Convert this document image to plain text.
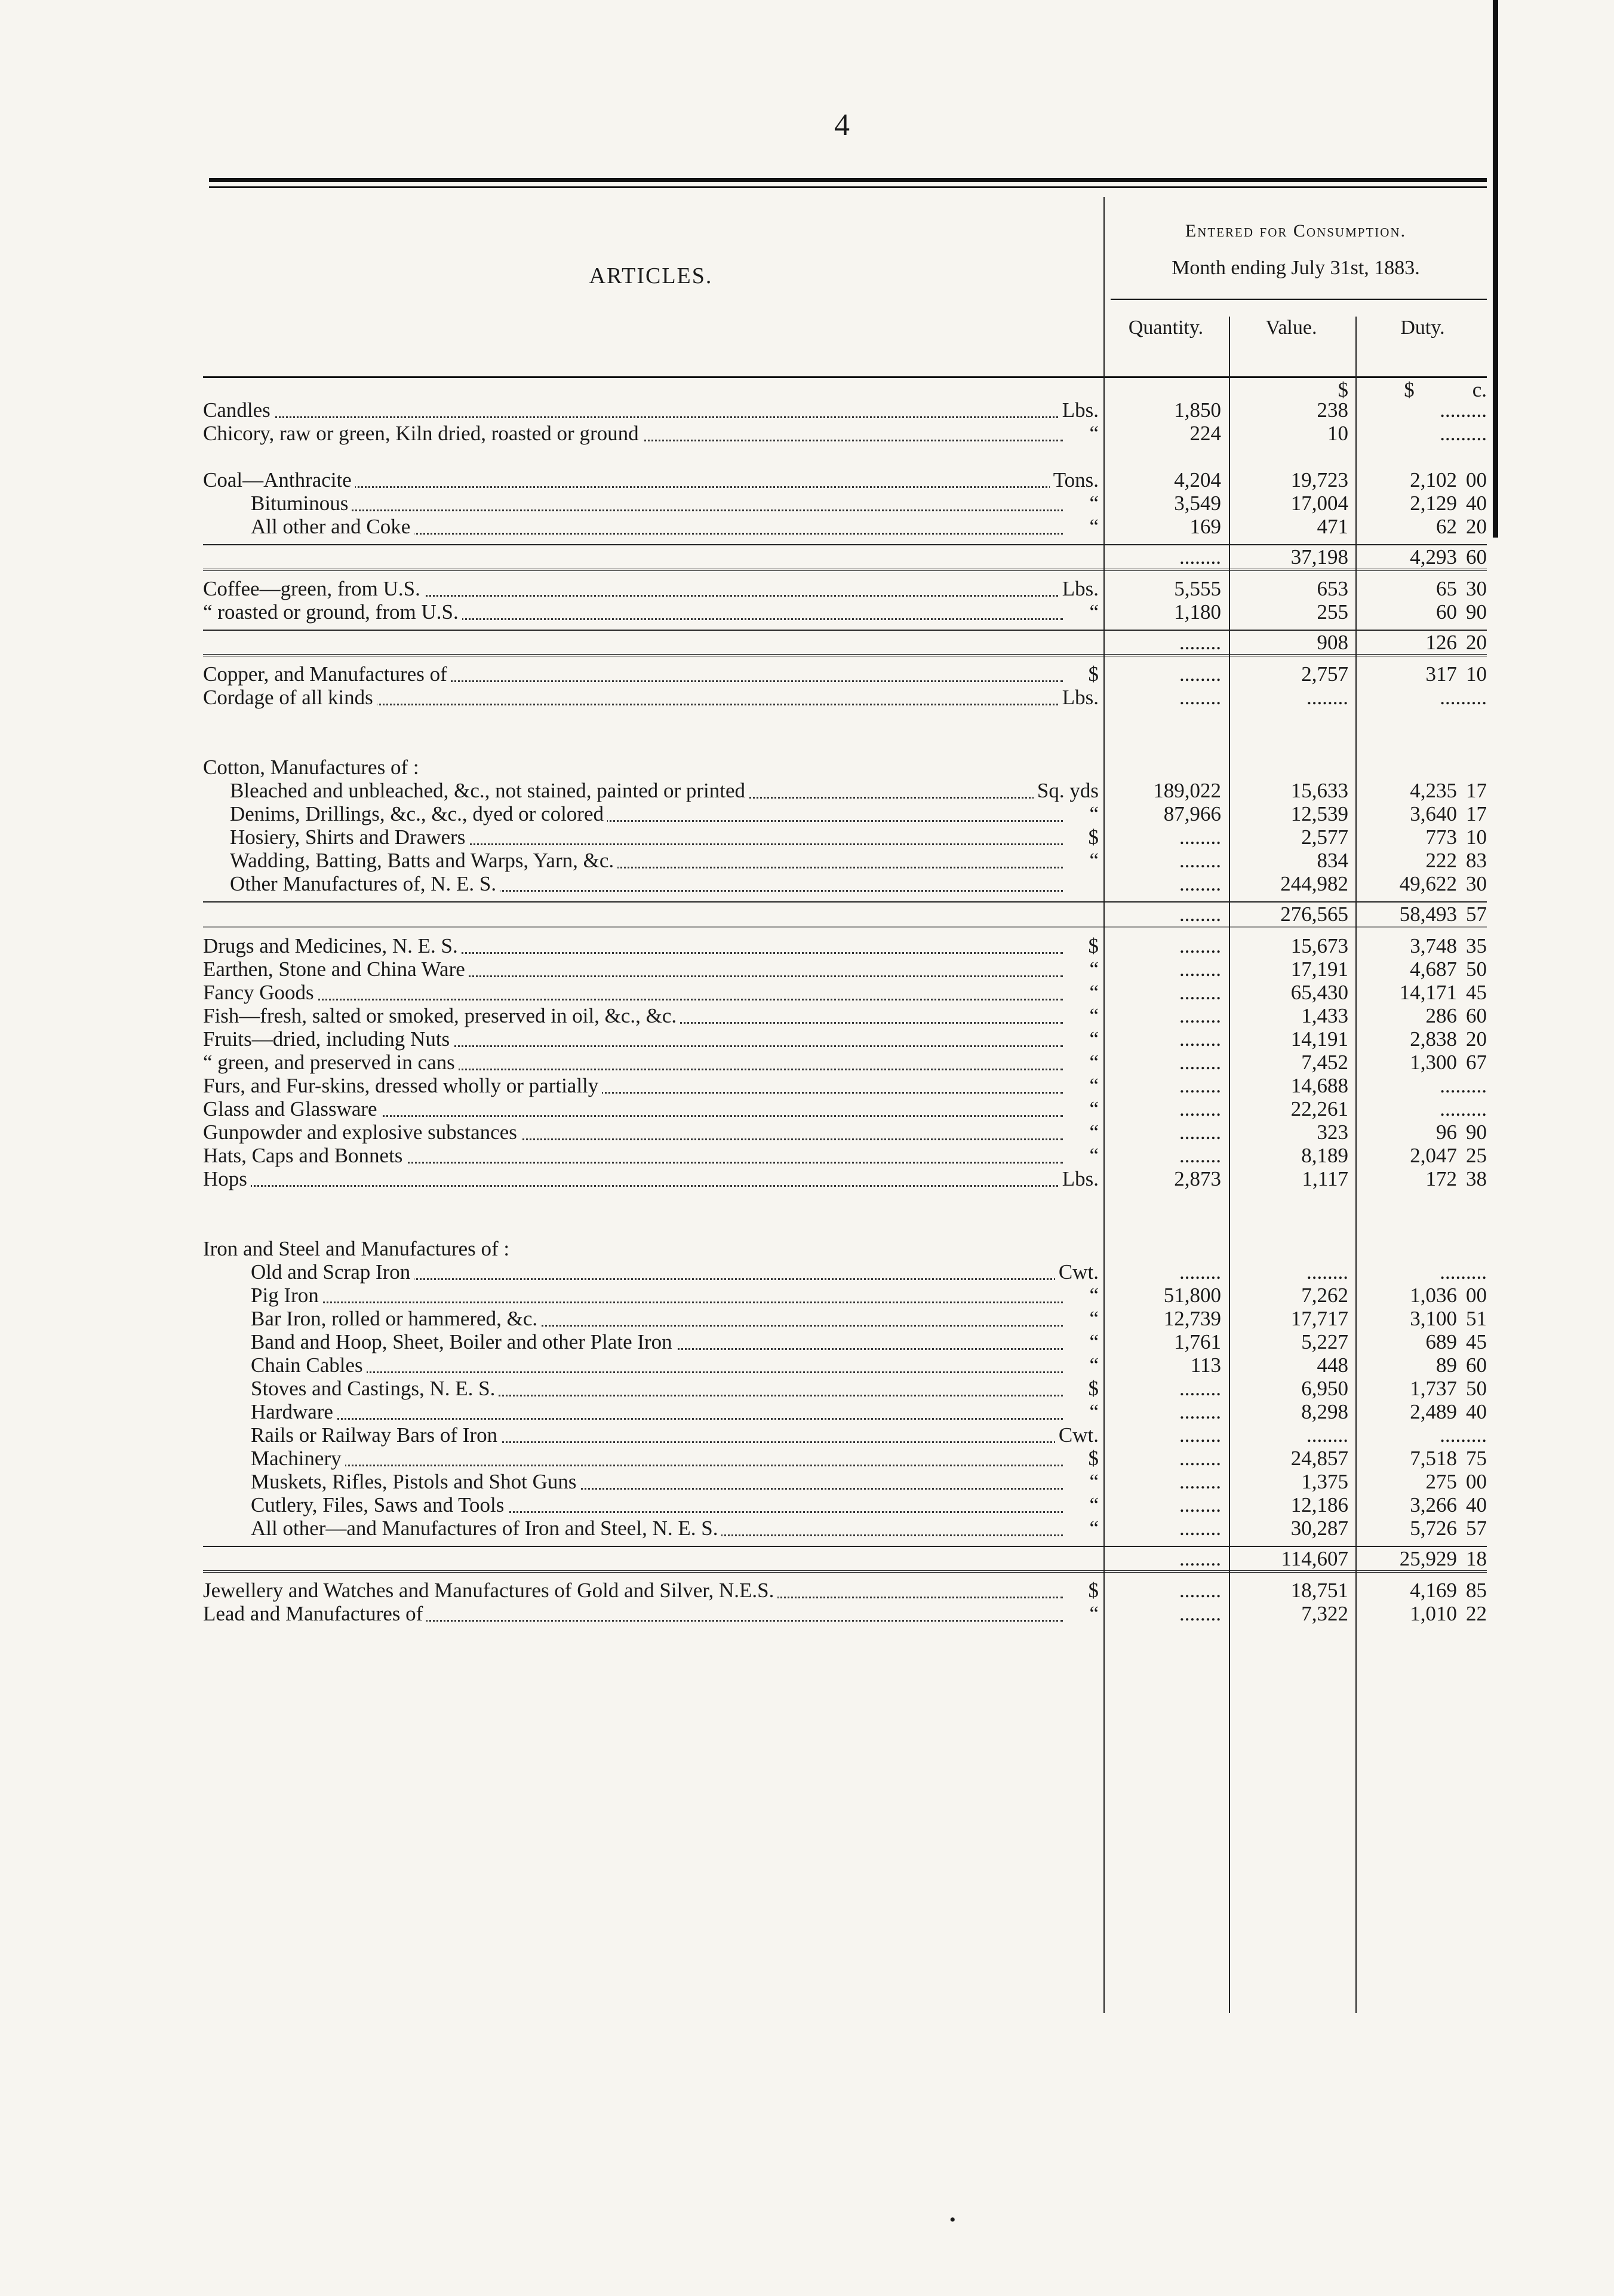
4
ARTICLES.
Entered for Consumption.
Month ending July 31st, 1883.
Quantity.	Value.	Duty.
$	$	c.
Candles	Lbs.	1,850	238	.........
Chicory, raw or green, Kiln dried, roasted or ground	“	224	10	.........
Coal—Anthracite	Tons.	4,204	19,723	2,102 00
Bituminous	“	3,549	17,004	2,129 40
All other and Coke	“	169	471	62 20
........	37,198	4,293 60
Coffee—green, from U.S.	Lbs.	5,555	653	65 30
“ roasted or ground, from U.S.	“	1,180	255	60 90
........	908	126 20
Copper, and Manufactures of	$	........	2,757	317 10
Cordage of all kinds	Lbs.	........	........	.........
Cotton, Manufactures of :
Bleached and unbleached, &c., not stained, painted or printed	Sq. yds	189,022	15,633	4,235 17
Denims, Drillings, &c., &c., dyed or colored	“	87,966	12,539	3,640 17
Hosiery, Shirts and Drawers	$	........	2,577	773 10
Wadding, Batting, Batts and Warps, Yarn, &c.	“	........	834	222 83
Other Manufactures of, N. E. S.	........	244,982	49,622 30
........	276,565	58,493 57
Drugs and Medicines, N. E. S.	$	........	15,673	3,748 35
Earthen, Stone and China Ware	“	........	17,191	4,687 50
Fancy Goods	“	........	65,430	14,171 45
Fish—fresh, salted or smoked, preserved in oil, &c., &c.	“	........	1,433	286 60
Fruits—dried, including Nuts	“	........	14,191	2,838 20
“ green, and preserved in cans	“	........	7,452	1,300 67
Furs, and Fur-skins, dressed wholly or partially	“	........	14,688	.........
Glass and Glassware	“	........	22,261	.........
Gunpowder and explosive substances	“	........	323	96 90
Hats, Caps and Bonnets	“	........	8,189	2,047 25
Hops	Lbs.	2,873	1,117	172 38
Iron and Steel and Manufactures of :
Old and Scrap Iron	Cwt.	........	........	.........
Pig Iron	“	51,800	7,262	1,036 00
Bar Iron, rolled or hammered, &c.	“	12,739	17,717	3,100 51
Band and Hoop, Sheet, Boiler and other Plate Iron	“	1,761	5,227	689 45
Chain Cables	“	113	448	89 60
Stoves and Castings, N. E. S.	$	........	6,950	1,737 50
Hardware	“	........	8,298	2,489 40
Rails or Railway Bars of Iron	Cwt.	........	........	.........
Machinery	$	........	24,857	7,518 75
Muskets, Rifles, Pistols and Shot Guns	“	........	1,375	275 00
Cutlery, Files, Saws and Tools	“	........	12,186	3,266 40
All other—and Manufactures of Iron and Steel, N. E. S.	“	........	30,287	5,726 57
........	114,607	25,929 18
Jewellery and Watches and Manufactures of Gold and Silver, N.E.S.	$	........	18,751	4,169 85
Lead and Manufactures of	“	........	7,322	1,010 22
•
